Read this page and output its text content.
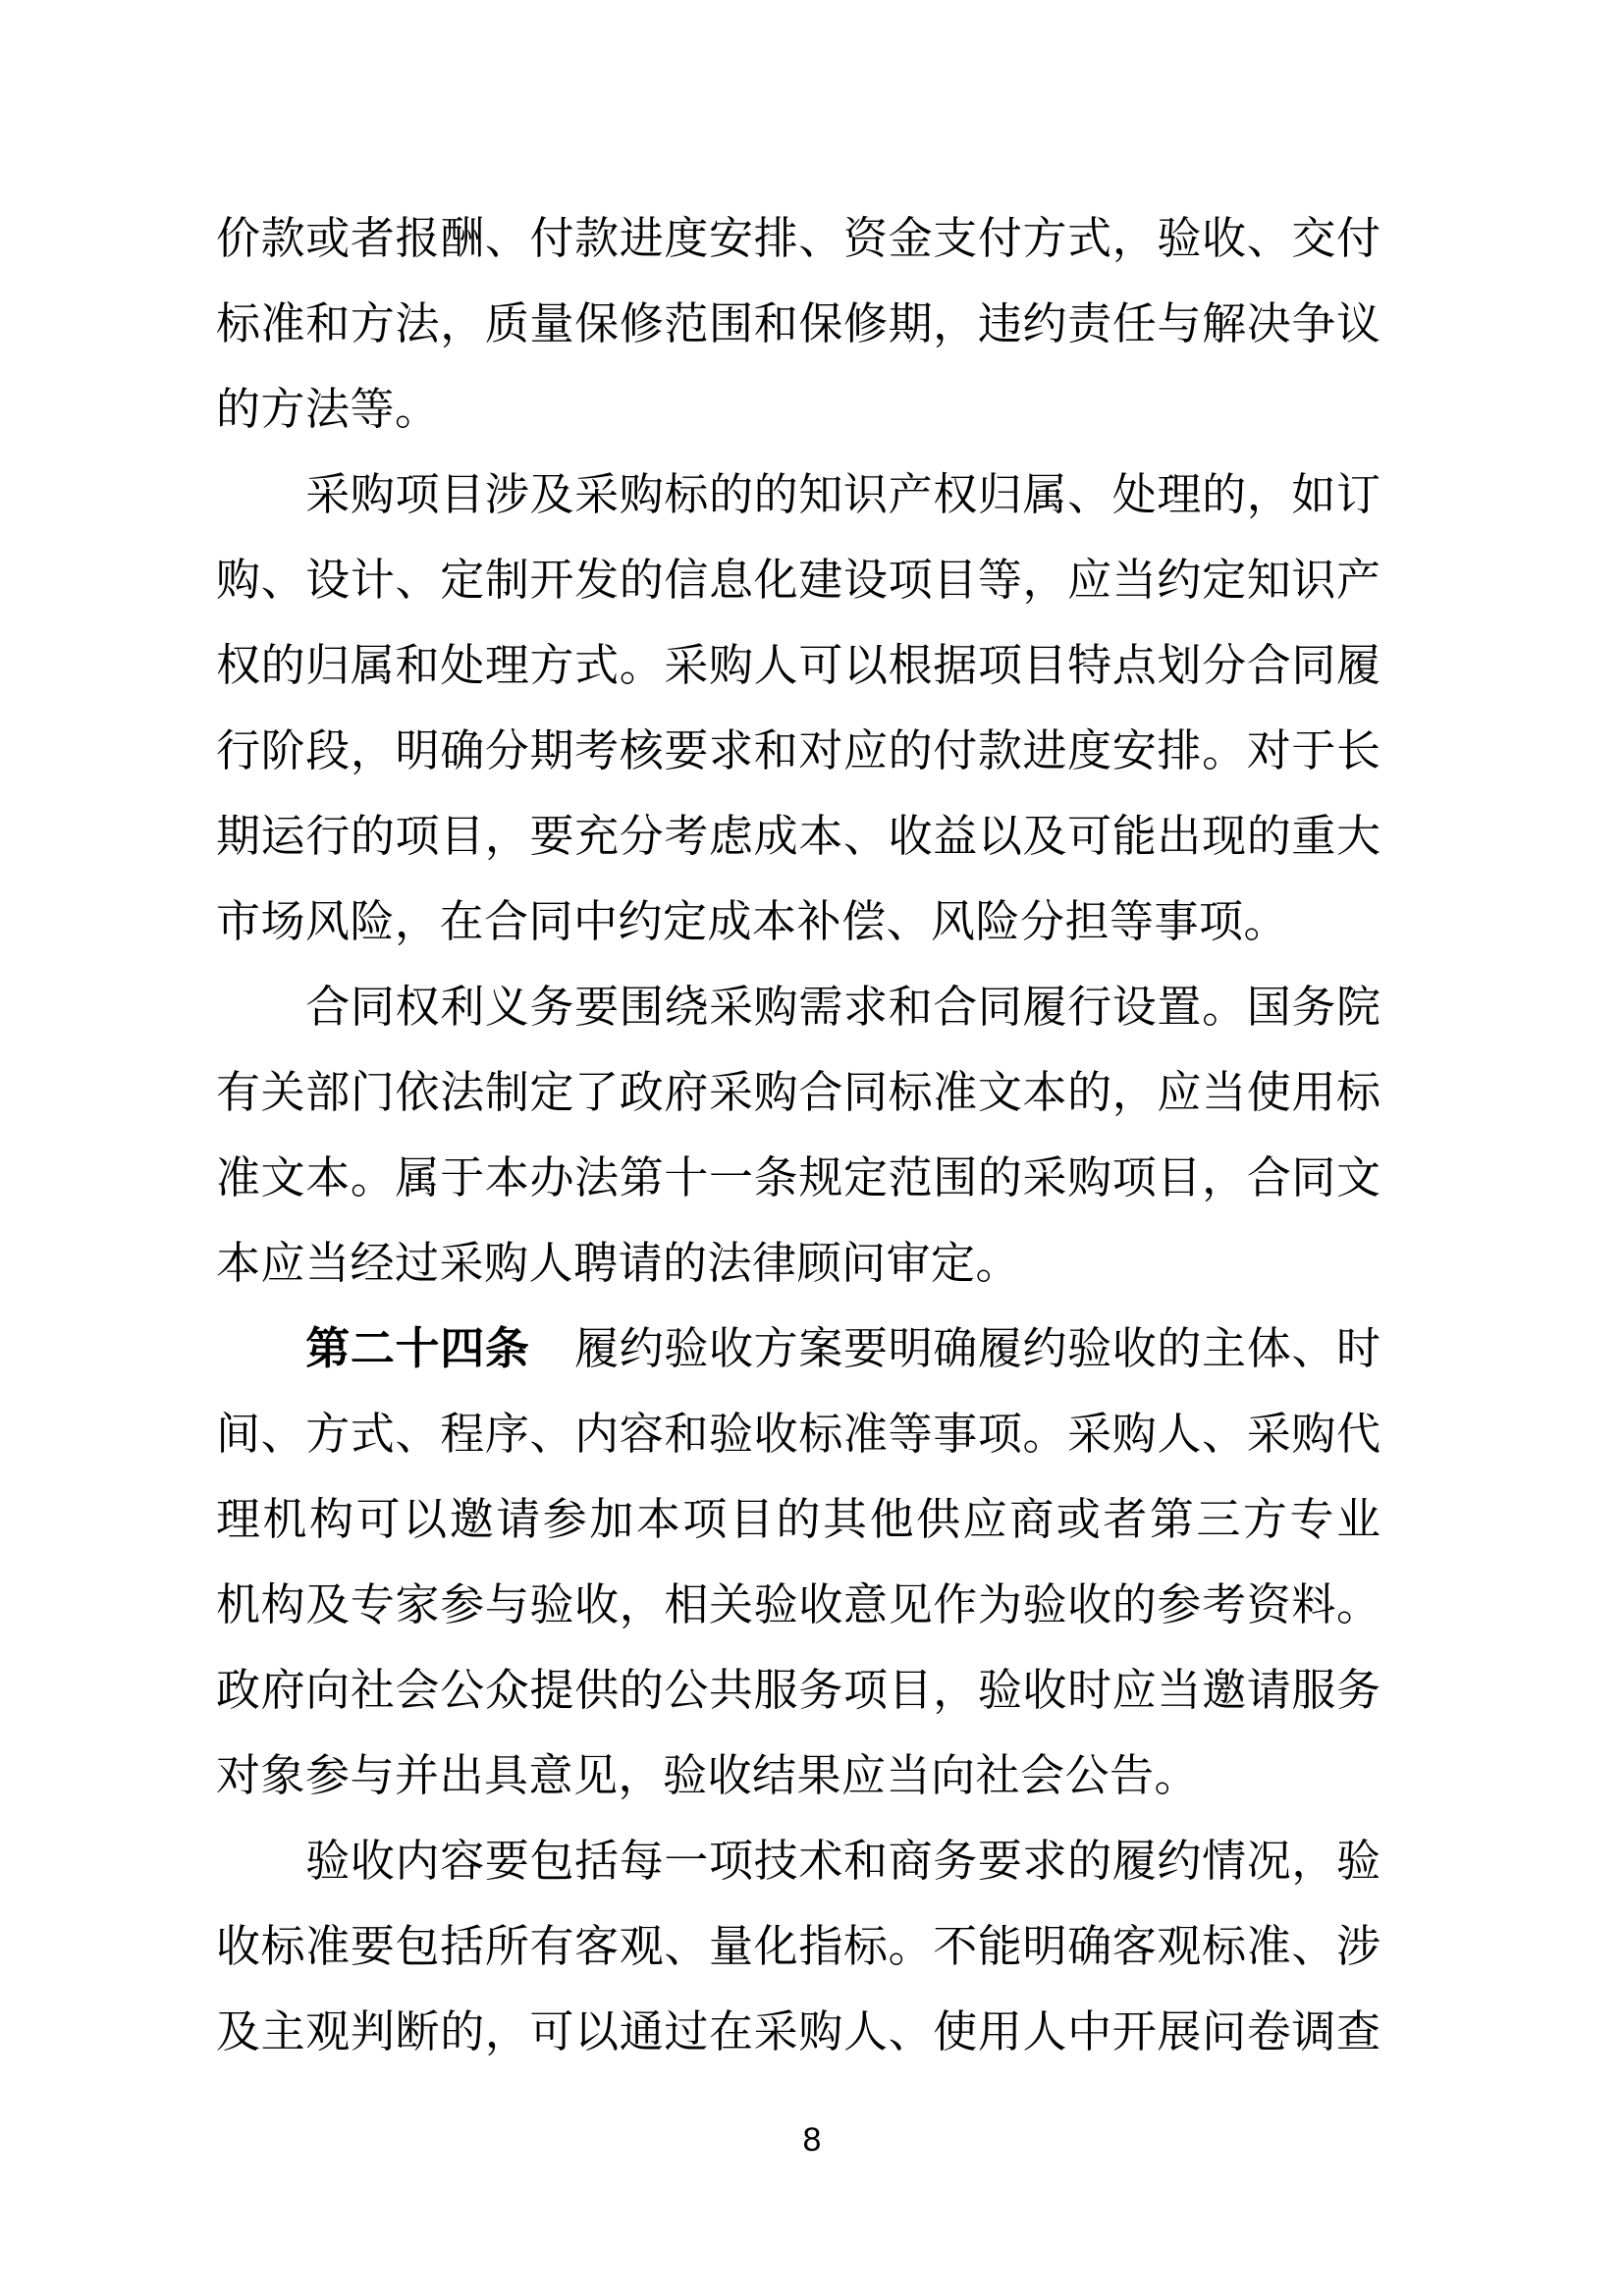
价款或者报酬、付款进度安排、资金支付方式，验收、交付
标准和方法，质量保修范围和保修期，违约责任与解决争议
的方法等。
　　采购项目涉及采购标的的知识产权归属、处理的，如订
购、设计、定制开发的信息化建设项目等，应当约定知识产
权的归属和处理方式。采购人可以根据项目特点划分合同履
行阶段，明确分期考核要求和对应的付款进度安排。对于长
期运行的项目，要充分考虑成本、收益以及可能出现的重大
市场风险，在合同中约定成本补偿、风险分担等事项。
　　合同权利义务要围绕采购需求和合同履行设置。国务院
有关部门依法制定了政府采购合同标准文本的，应当使用标
准文本。属于本办法第十一条规定范围的采购项目，合同文
本应当经过采购人聘请的法律顾问审定。
　　第二十四条　履约验收方案要明确履约验收的主体、时
间、方式、程序、内容和验收标准等事项。采购人、采购代
理机构可以邀请参加本项目的其他供应商或者第三方专业
机构及专家参与验收，相关验收意见作为验收的参考资料。
政府向社会公众提供的公共服务项目，验收时应当邀请服务
对象参与并出具意见，验收结果应当向社会公告。
　　验收内容要包括每一项技术和商务要求的履约情况，验
收标准要包括所有客观、量化指标。不能明确客观标准、涉
及主观判断的，可以通过在采购人、使用人中开展问卷调查
8
